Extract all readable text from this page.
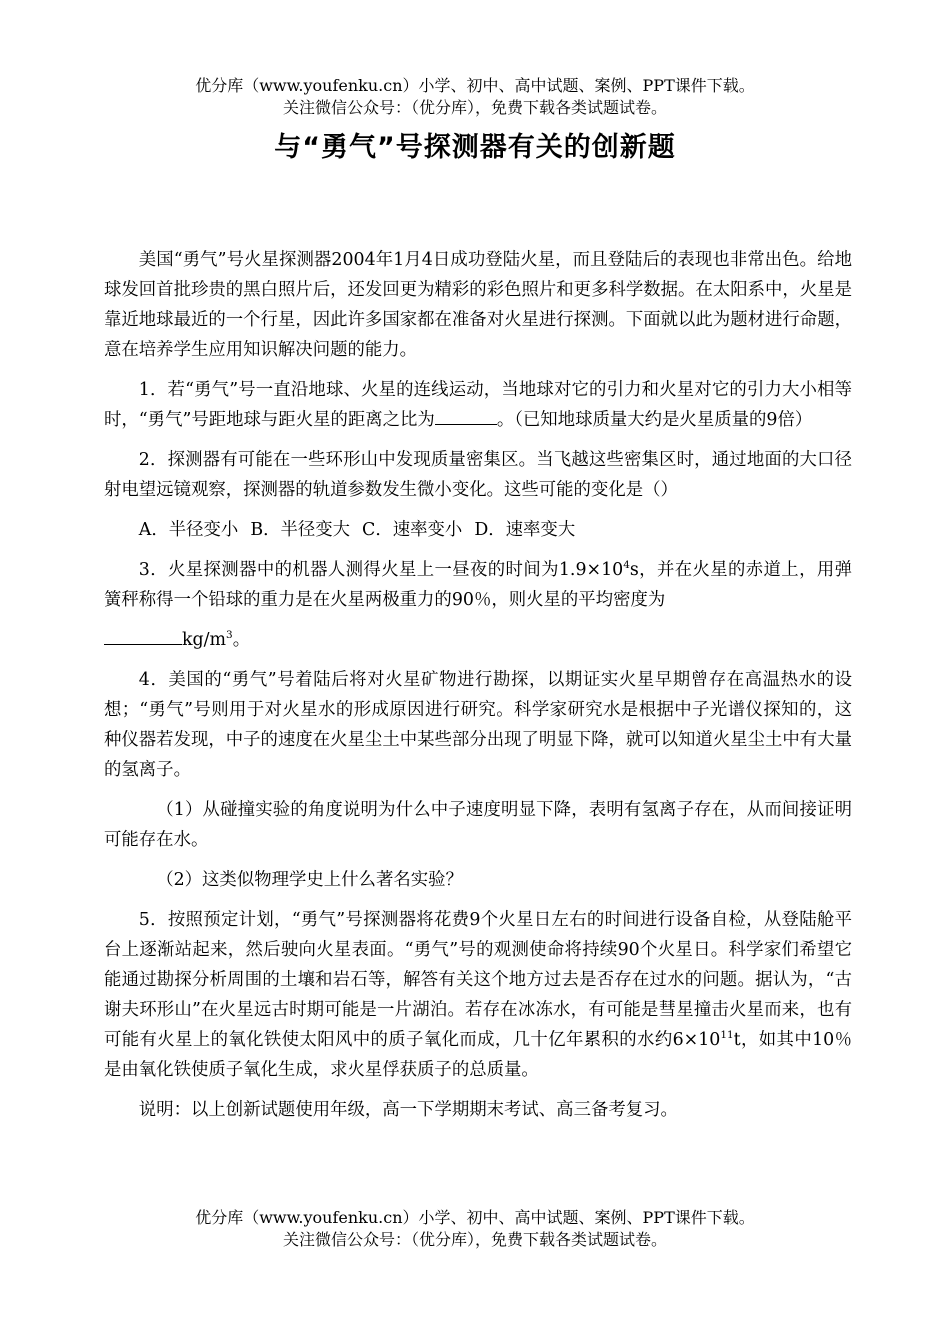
优分库（www.youfenku.cn）小学、初中、高中试题、案例、PPT课件下载。
关注微信公众号：（优分库），免费下载各类试题试卷。
与“勇气”号探测器有关的创新题

美国“勇气”号火星探测器2004年1月4日成功登陆火星，而且登陆后的表现也非常出色。给地球发回首批珍贵的黑白照片后，还发回更为精彩的彩色照片和更多科学数据。在太阳系中，火星是靠近地球最近的一个行星，因此许多国家都在准备对火星进行探测。下面就以此为题材进行命题，意在培养学生应用知识解决问题的能力。

1．若“勇气”号一直沿地球、火星的连线运动，当地球对它的引力和火星对它的引力大小相等时，“勇气”号距地球与距火星的距离之比为	。（已知地球质量大约是火星质量的9倍）

2．探测器有可能在一些环形山中发现质量密集区。当飞越这些密集区时，通过地面的大口径射电望远镜观察，探测器的轨道参数发生微小变化。这些可能的变化是（）

A．半径变小 B．半径变大 C．速率变小 D．速率变大

3．火星探测器中的机器人测得火星上一昼夜的时间为$1.9\times 10^4s$，并在火星的赤道上，用弹簧秤称得一个铅球的重力是在火星两极重力的90％，则火星的平均密度为

$kg/m^3$。

4．美国的“勇气”号着陆后将对火星矿物进行勘探，以期证实火星早期曾存在高温热水的设想；“勇气”号则用于对火星水的形成原因进行研究。科学家研究水是根据中子光谱仪探知的，这种仪器若发现，中子的速度在火星尘土中某些部分出现了明显下降，就可以知道火星尘土中有大量的氢离子。

（1）从碰撞实验的角度说明为什么中子速度明显下降，表明有氢离子存在，从而间接证明可能存在水。

（2）这类似物理学史上什么著名实验？

5．按照预定计划，“勇气”号探测器将花费9个火星日左右的时间进行设备自检，从登陆舱平台上逐渐站起来，然后驶向火星表面。“勇气”号的观测使命将持续90个火星日。科学家们希望它能通过勘探分析周围的土壤和岩石等，解答有关这个地方过去是否存在过水的问题。据认为，“古谢夫环形山”在火星远古时期可能是一片湖泊。若存在冰冻水，有可能是彗星撞击火星而来，也有可能有火星上的氧化铁使太阳风中的质子氧化而成，几十亿年累积的水约$6\times 10^{11}t$，如其中10％是由氧化铁使质子氧化生成，求火星俘获质子的总质量。

说明：以上创新试题使用年级，高一下学期期末考试、高三备考复习。

优分库（www.youfenku.cn）小学、初中、高中试题、案例、PPT课件下载。
关注微信公众号：（优分库），免费下载各类试题试卷。
